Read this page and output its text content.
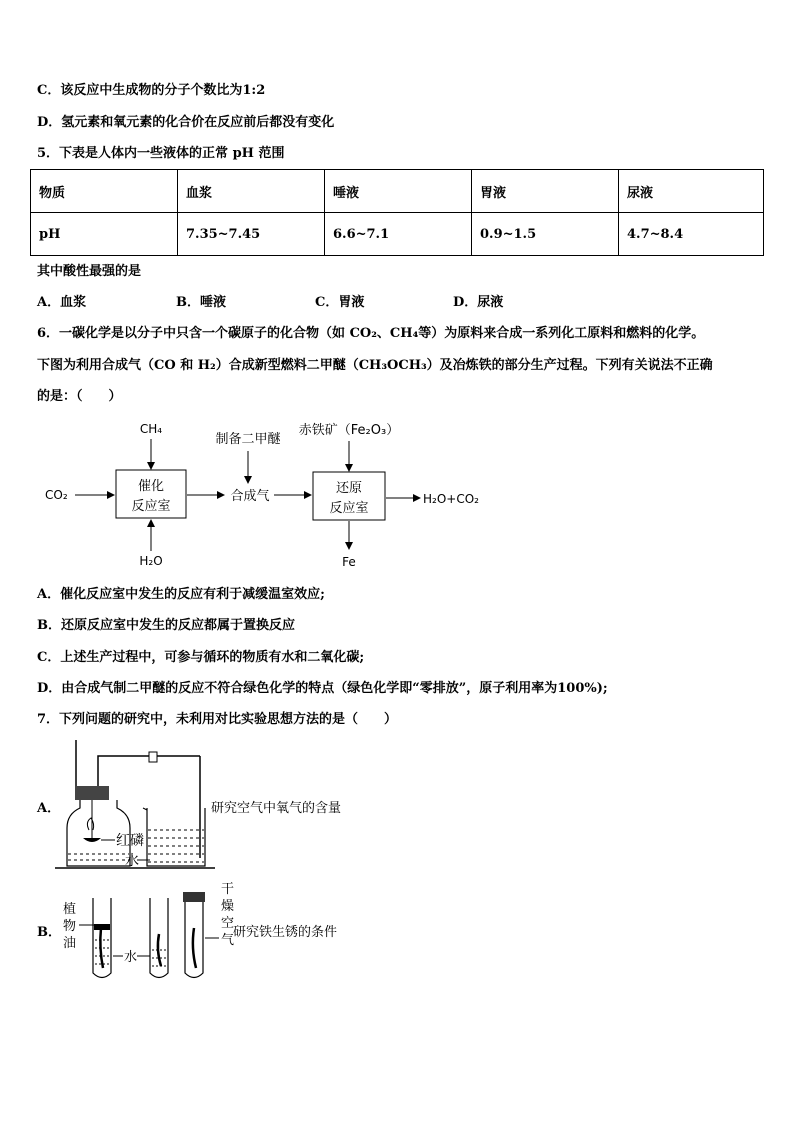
C．该反应中生成物的分子个数比为1:2
D．氢元素和氧元素的化合价在反应前后都没有变化
5．下表是人体内一些液体的正常 pH 范围
物质	血浆	唾液	胃液	尿液
pH	7.35~7.45	6.6~7.1	0.9~1.5	4.7~8.4
其中酸性最强的是
A．血浆	B．唾液	C．胃液	D．尿液
6．一碳化学是以分子中只含一个碳原子的化合物（如 CO₂、CH₄等）为原料来合成一系列化工原料和燃料的化学。
下图为利用合成气（CO 和 H₂）合成新型燃料二甲醚（CH₃OCH₃）及冶炼铁的部分生产过程。下列有关说法不正确
的是：（　　）
催化
反应室
还原
反应室
CH₄
CO₂
H₂O
合成气
制备二甲醚
赤铁矿（Fe₂O₃）
H₂O+CO₂
Fe
A．催化反应室中发生的反应有利于减缓温室效应;
B．还原反应室中发生的反应都属于置换反应
C．上述生产过程中，可参与循环的物质有水和二氧化碳;
D．由合成气制二甲醚的反应不符合绿色化学的特点（绿色化学即“零排放”，原子利用率为100%);
7．下列问题的研究中，未利用对比实验思想方法的是（　　）
A．
红磷
水
研究空气中氧气的含量
B．
植
物
油
水
干
燥
空
气
研究铁生锈的条件
